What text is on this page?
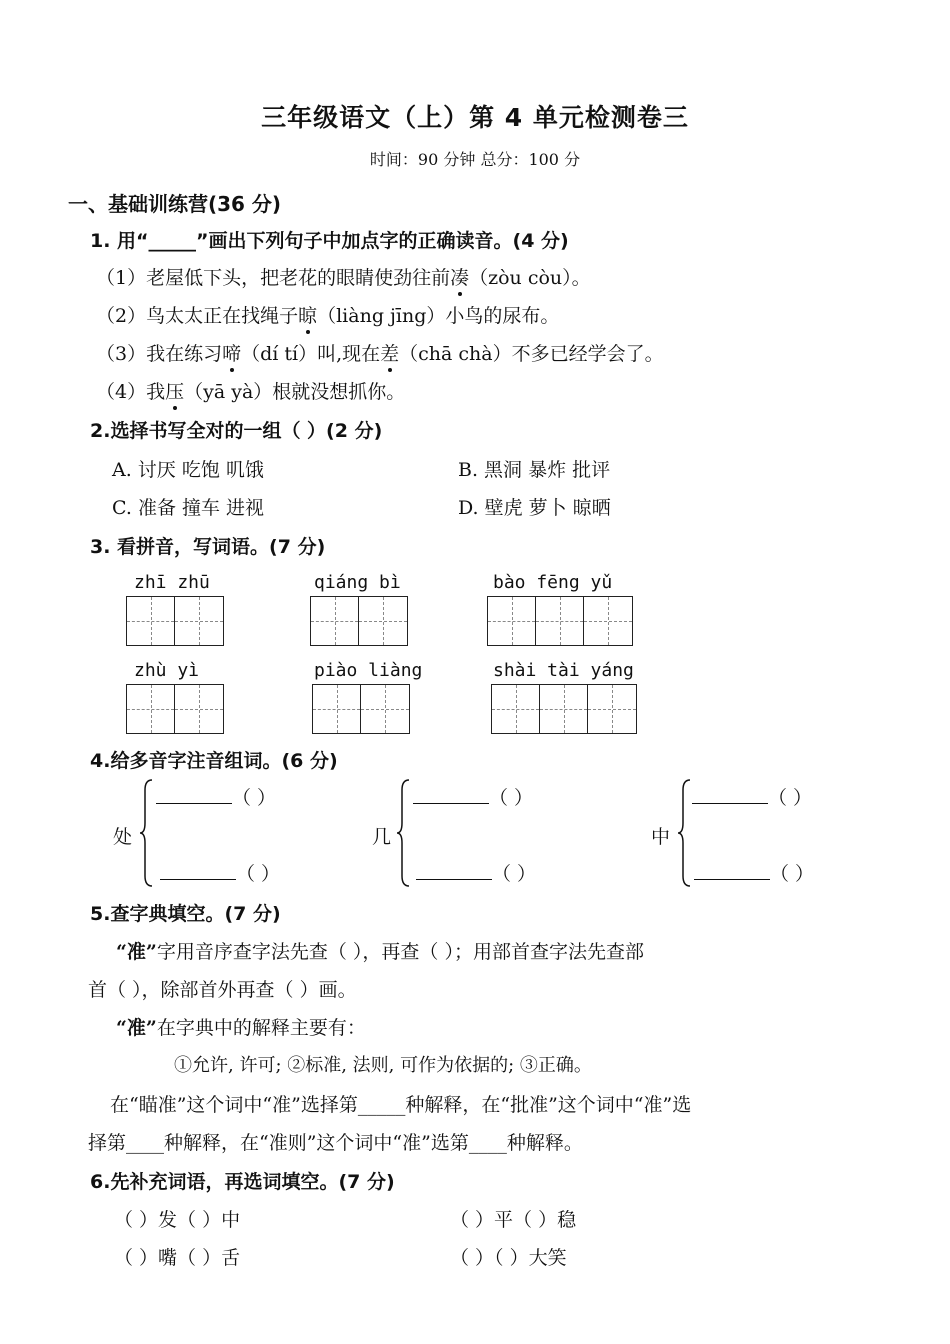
三年级语文（上）第 4 单元检测卷三
时间：90 分钟 总分：100 分
一、基础训练营(36 分)
1. 用“_____”画出下列句子中加点字的正确读音。(4 分)
（1）老屋低下头，把老花的眼睛使劲往前凑（zòu còu）。
（2）鸟太太正在找绳子晾（liàng jīng）小鸟的尿布。
（3）我在练习啼（dí tí）叫,现在差（chā chà）不多已经学会了。
（4）我压（yā yà）根就没想抓你。
2.选择书写全对的一组（ ）(2 分)
A. 讨厌 吃饱 叽饿	B. 黑洞 暴炸 批评
C. 准备 撞车 进视	D. 壁虎 萝卜 晾晒
3. 看拼音，写词语。(7 分)
zhī zhū	qiáng bì	bào fēng yǔ
zhù yì	piào liàng	shài tài yáng
4.给多音字注音组词。(6 分)
处
（ ）
（ ）
几
（ ）
（ ）
中
（ ）
（ ）
5.查字典填空。(7 分)
“准”字用音序查字法先查（ ），再查（ ）；用部首查字法先查部
首（ ），除部首外再查（ ）画。
“准”在字典中的解释主要有：
①允许, 许可; ②标准, 法则, 可作为依据的; ③正确。
在“瞄准”这个词中“准”选择第_____种解释，在“批准”这个词中“准”选
择第____种解释，在“准则”这个词中“准”选第____种解释。
6.先补充词语，再选词填空。(7 分)
（ ）发（ ）中	（ ）平（ ）稳
（ ）嘴（ ）舌	（ ）（ ）大笑
